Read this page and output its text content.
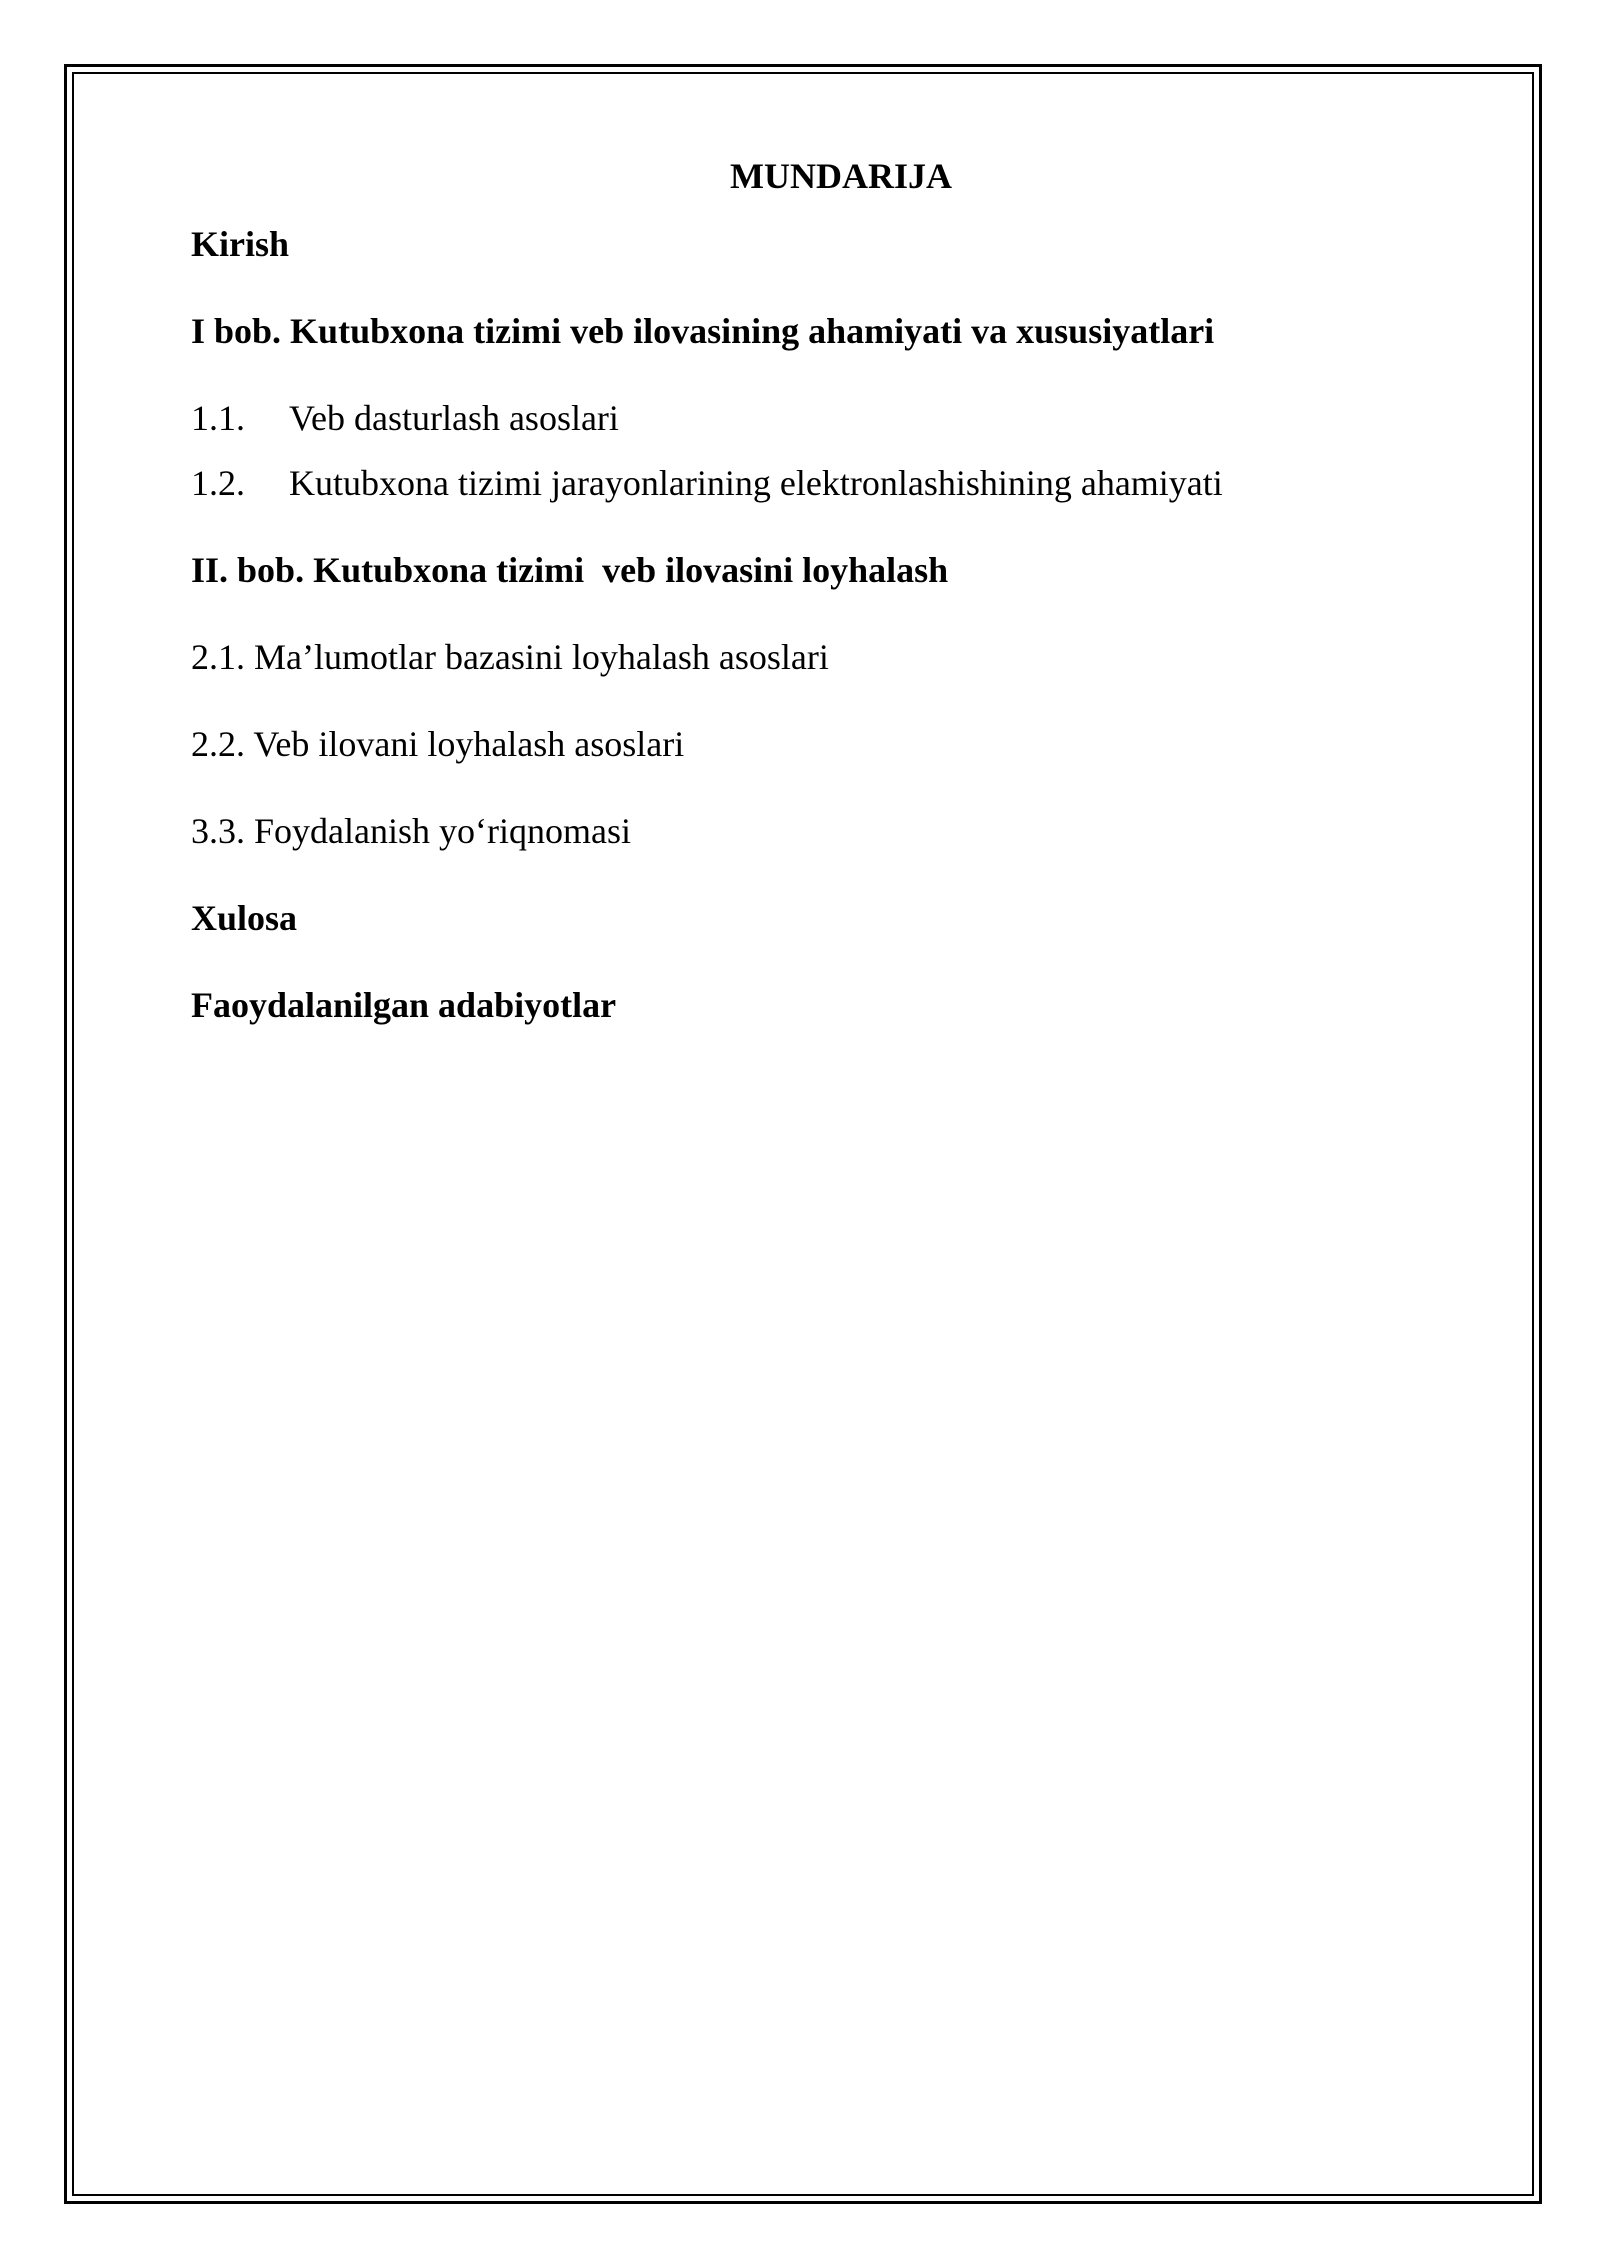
MUNDARIJA
Kirish
I bob. Kutubxona tizimi veb ilovasining ahamiyati va xususiyatlari
1.1. Veb dasturlash asoslari
1.2. Kutubxona tizimi jarayonlarining elektronlashishining ahamiyati
II. bob. Kutubxona tizimi  veb ilovasini loyhalash
2.1. Ma’lumotlar bazasini loyhalash asoslari
2.2. Veb ilovani loyhalash asoslari
3.3. Foydalanish yo‘riqnomasi
Xulosa
Faoydalanilgan adabiyotlar
